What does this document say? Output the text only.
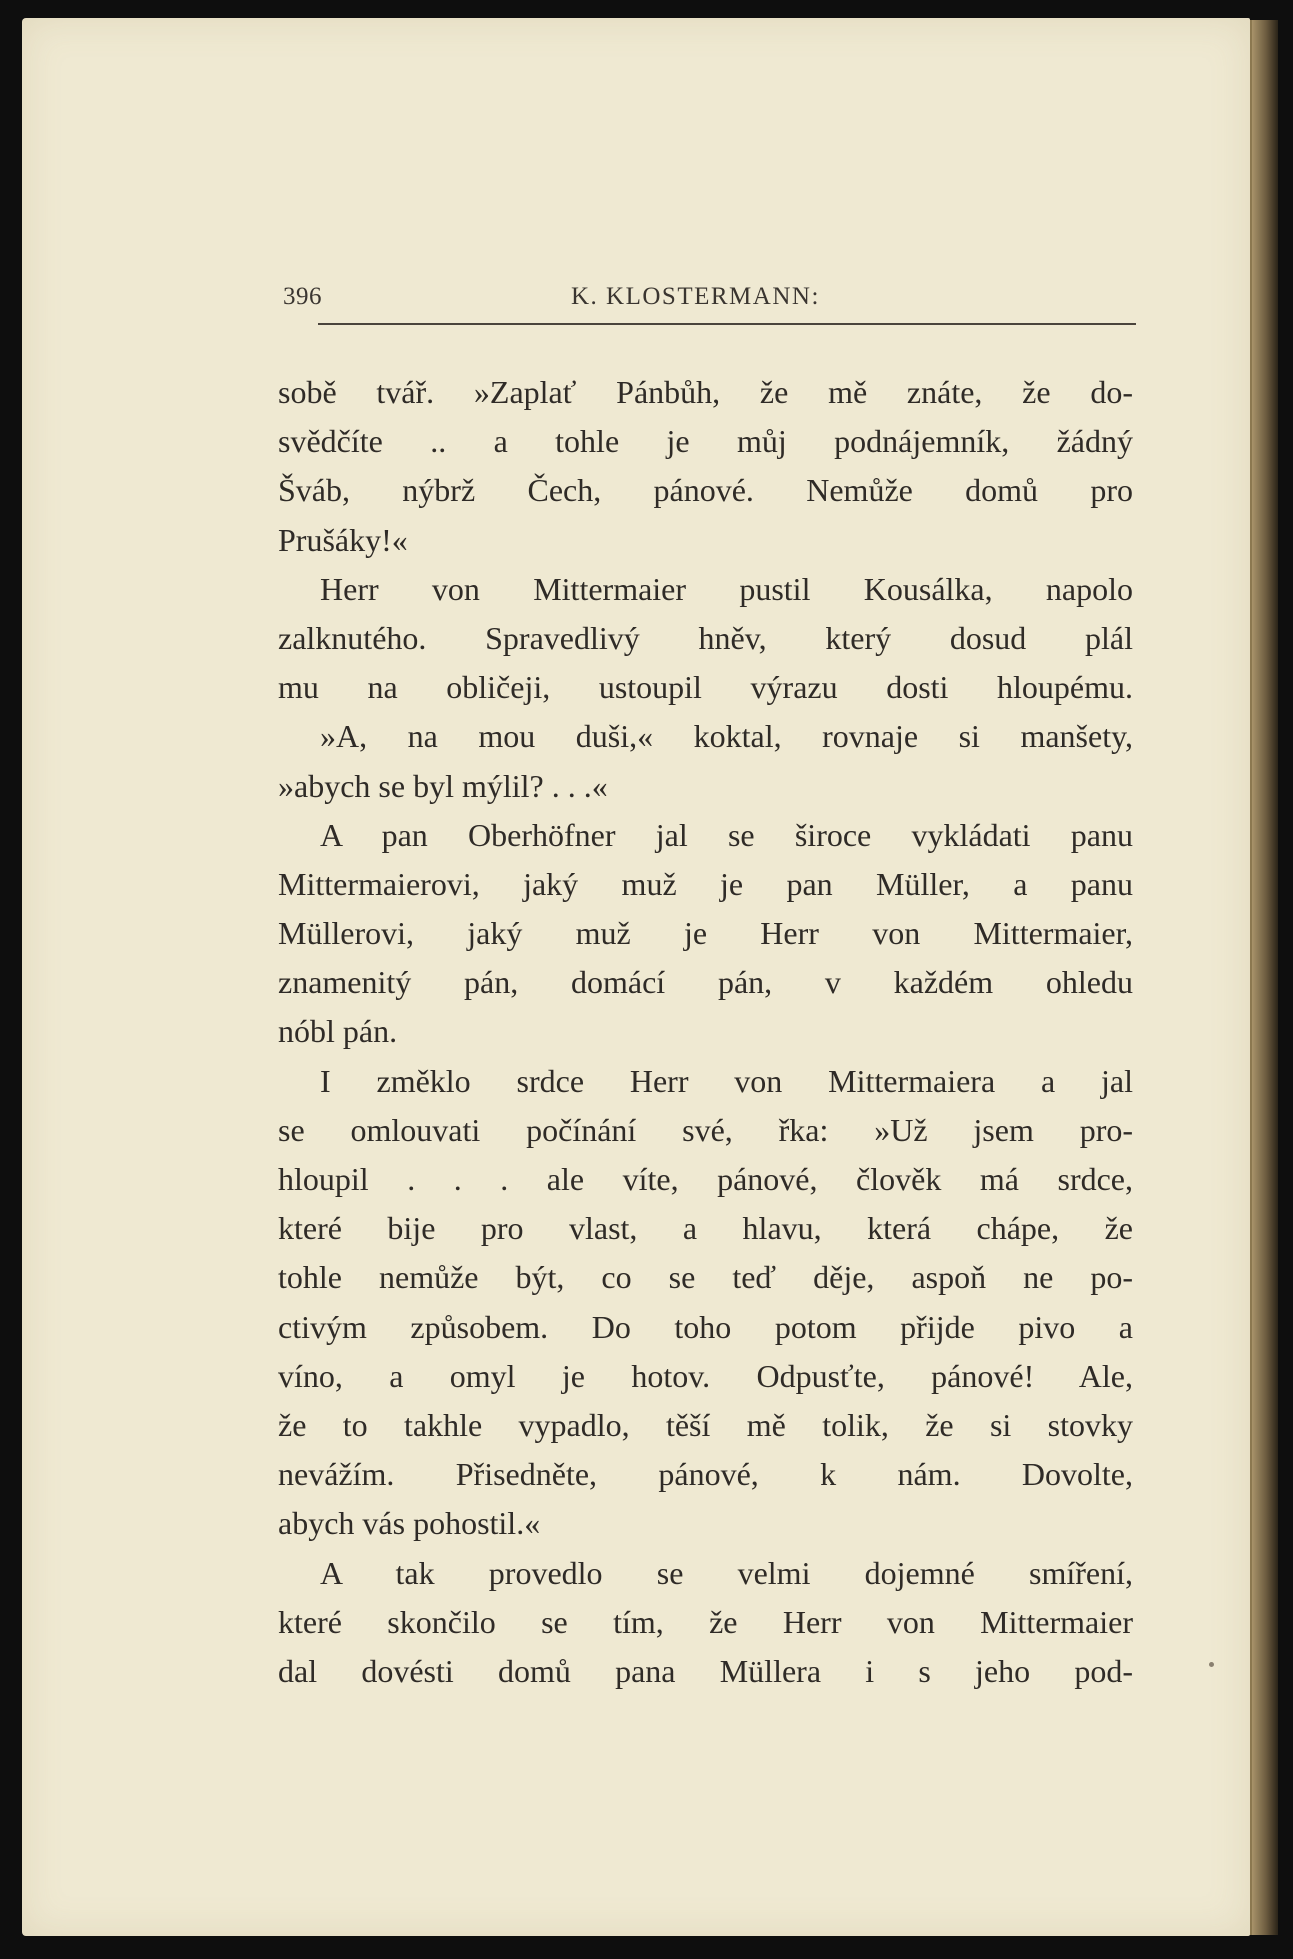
396	K. KLOSTERMANN:
sobě tvář. »Zaplať Pánbůh, že mě znáte, že do-
svědčíte .. a tohle je můj podnájemník, žádný
Šváb, nýbrž Čech, pánové. Nemůže domů pro
Prušáky!«
Herr von Mittermaier pustil Kousálka, napolo
zalknutého. Spravedlivý hněv, který dosud plál
mu na obličeji, ustoupil výrazu dosti hloupému.
»A, na mou duši,« koktal, rovnaje si manšety,
»abych se byl mýlil? . . .«
A pan Oberhöfner jal se široce vykládati panu
Mittermaierovi, jaký muž je pan Müller, a panu
Müllerovi, jaký muž je Herr von Mittermaier,
znamenitý pán, domácí pán, v každém ohledu
nóbl pán.
I změklo srdce Herr von Mittermaiera a jal
se omlouvati počínání své, řka: »Už jsem pro-
hloupil . . . ale víte, pánové, člověk má srdce,
které bije pro vlast, a hlavu, která chápe, že
tohle nemůže být, co se teď děje, aspoň ne po-
ctivým způsobem. Do toho potom přijde pivo a
víno, a omyl je hotov. Odpusťte, pánové! Ale,
že to takhle vypadlo, těší mě tolik, že si stovky
nevážím. Přisedněte, pánové, k nám. Dovolte,
abych vás pohostil.«
A tak provedlo se velmi dojemné smíření,
které skončilo se tím, že Herr von Mittermaier
dal dovésti domů pana Müllera i s jeho pod-
